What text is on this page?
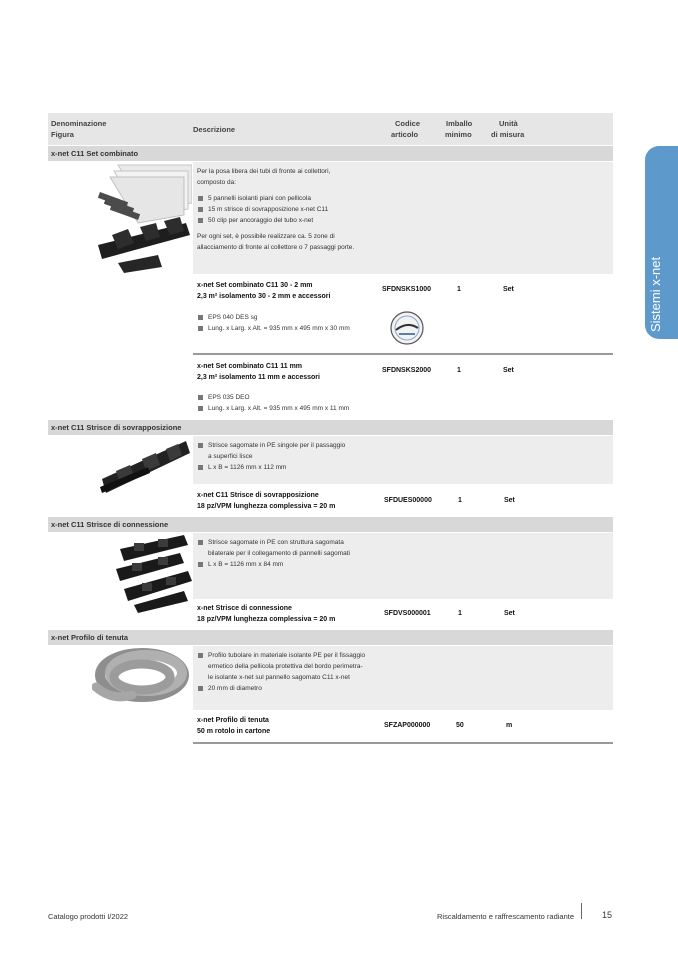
Denominazione
Figura
Descrizione
Codice
articolo
Imballo
minimo
Unità
di misura
x-net C11 Set combinato
Per la posa libera dei tubi di fronte ai collettori,
composto da:
5 pannelli isolanti piani con pellicola
15 m strisce di sovrapposizione x-net C11
50 clip per ancoraggio del tubo x-net
Per ogni set, è possibile realizzare ca. 5 zone di
allacciamento di fronte al collettore o 7 passaggi porte.
x-net Set combinato C11 30 - 2 mm
2,3 m² isolamento 30 - 2 mm e accessori
SFDNSKS1000	1	Set
EPS 040 DES sg
Lung. x Larg. x Alt. = 935 mm x 495 mm x 30 mm
x-net Set combinato C11 11 mm
2,3 m² isolamento 11 mm e accessori
SFDNSKS2000	1	Set
EPS 035 DEO
Lung. x Larg. x Alt. = 935 mm x 495 mm x 11 mm
x-net C11 Strisce di sovrapposizione
Strisce sagomate in PE singole per il passaggio
a superfici lisce
L x B = 1126 mm x 112 mm
x-net C11 Strisce di sovrapposizione
18 pz/VPM lunghezza complessiva = 20 m
SFDUES00000	1	Set
x-net C11 Strisce di connessione
Strisce sagomate in PE con struttura sagomata
bilaterale per il collegamento di pannelli sagomati
L x B = 1126 mm x 84 mm
x-net Strisce di connessione
18 pz/VPM lunghezza complessiva = 20 m
SFDVS000001	1	Set
x-net Profilo di tenuta
Profilo tubolare in materiale isolante PE per il fissaggio
ermetico della pellicola protettiva del bordo perimetra-
le isolante x-net sul pannello sagomato C11 x-net
20 mm di diametro
x-net Profilo di tenuta
50 m rotolo in cartone
SFZAP000000	50	m
Sistemi x-net
Catalogo prodotti I/2022	Riscaldamento e raffrescamento radiante	15
